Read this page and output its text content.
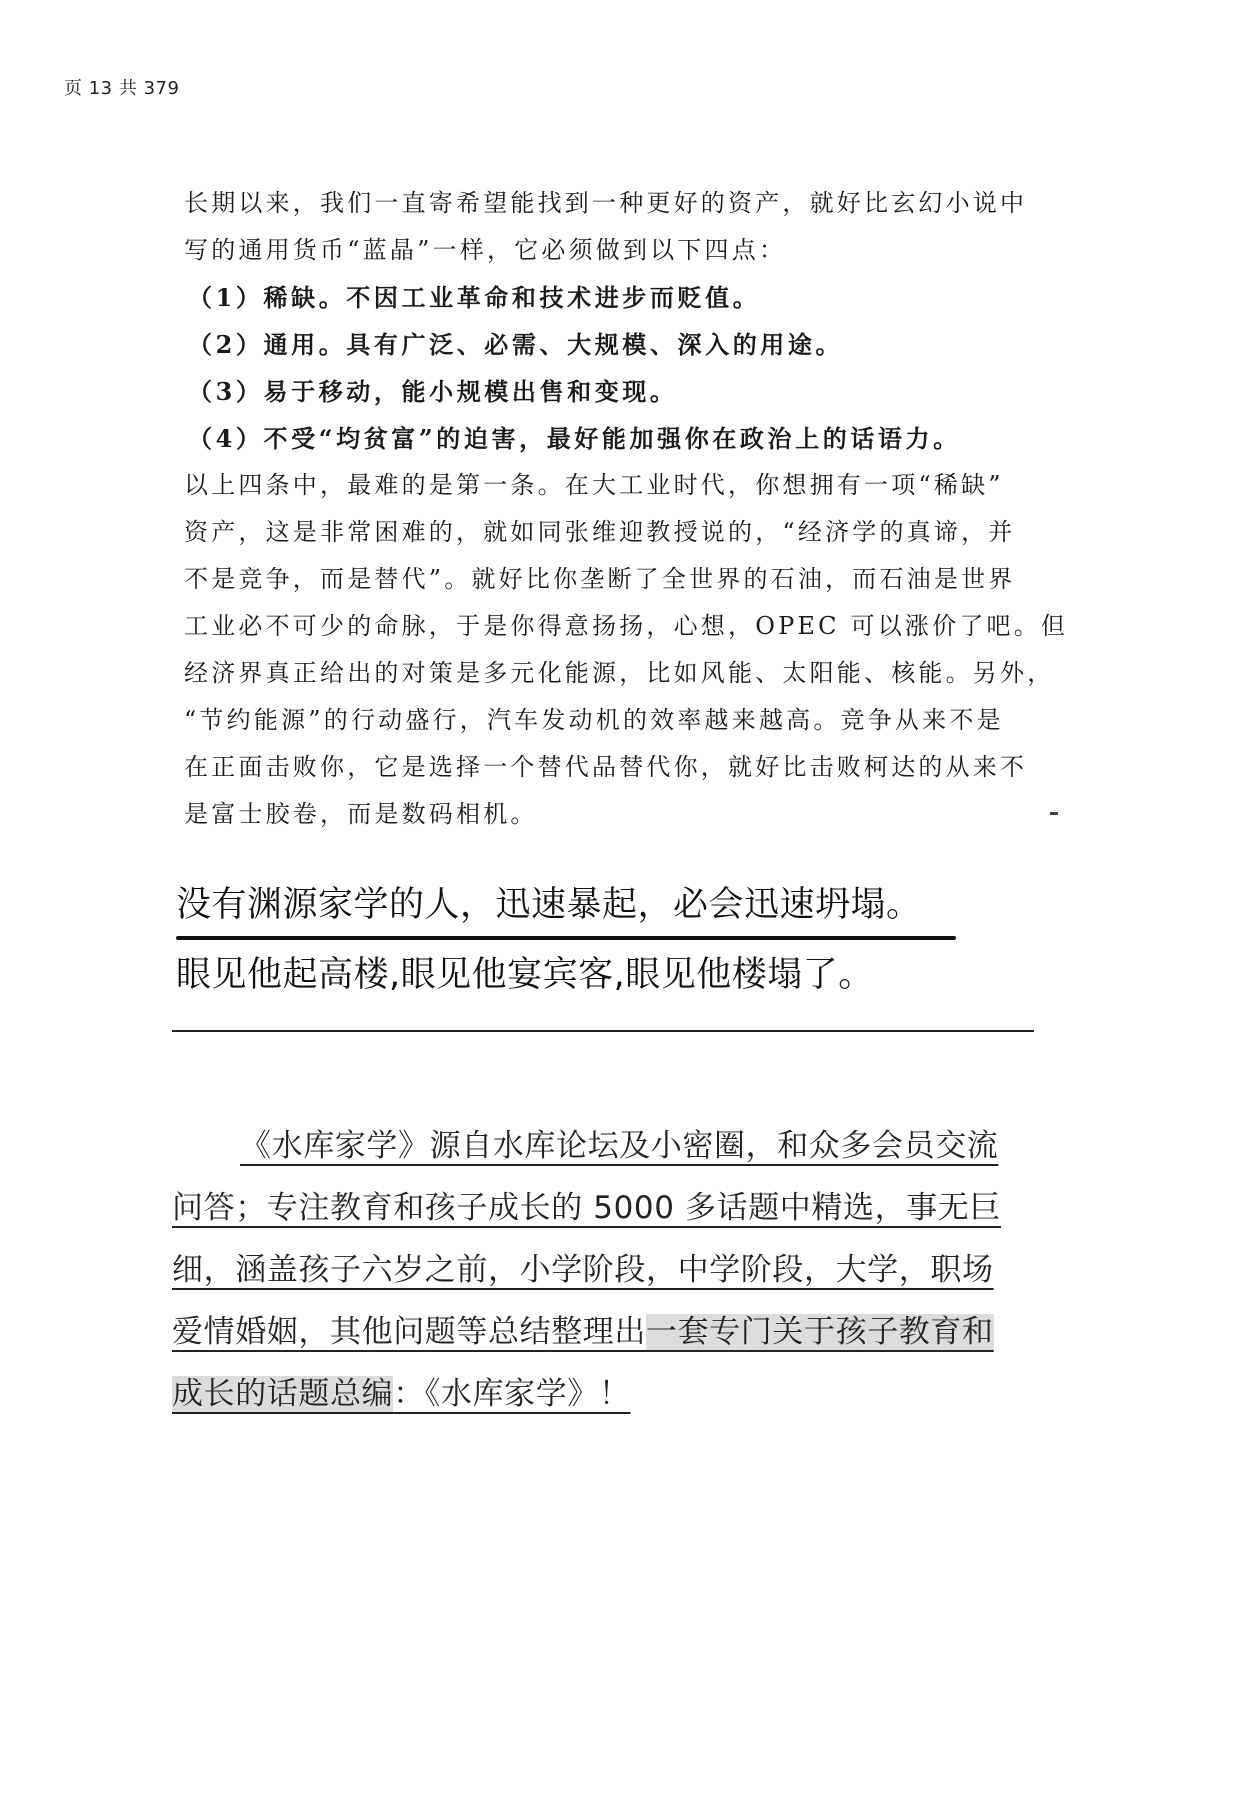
页 13 共 379
长期以来，我们一直寄希望能找到一种更好的资产，就好比玄幻小说中
写的通用货币“蓝晶”一样，它必须做到以下四点：
（1）稀缺。不因工业革命和技术进步而贬值。
（2）通用。具有广泛、必需、大规模、深入的用途。
（3）易于移动，能小规模出售和变现。
（4）不受“均贫富”的迫害，最好能加强你在政治上的话语力。
以上四条中，最难的是第一条。在大工业时代，你想拥有一项“稀缺”
资产，这是非常困难的，就如同张维迎教授说的，“经济学的真谛，并
不是竞争，而是替代”。就好比你垄断了全世界的石油，而石油是世界
工业必不可少的命脉，于是你得意扬扬，心想，OPEC 可以涨价了吧。但
经济界真正给出的对策是多元化能源，比如风能、太阳能、核能。另外，
“节约能源”的行动盛行，汽车发动机的效率越来越高。竞争从来不是
在正面击败你，它是选择一个替代品替代你，就好比击败柯达的从来不
是富士胶卷，而是数码相机。
没有渊源家学的人，迅速暴起，必会迅速坍塌。
眼见他起高楼,眼见他宴宾客,眼见他楼塌了。
《水库家学》源自水库论坛及小密圈，和众多会员交流
问答；专注教育和孩子成长的 5000 多话题中精选，事无巨
细，涵盖孩子六岁之前，小学阶段，中学阶段，大学，职场
爱情婚姻，其他问题等总结整理出一套专门关于孩子教育和
成长的话题总编：《水库家学》！
